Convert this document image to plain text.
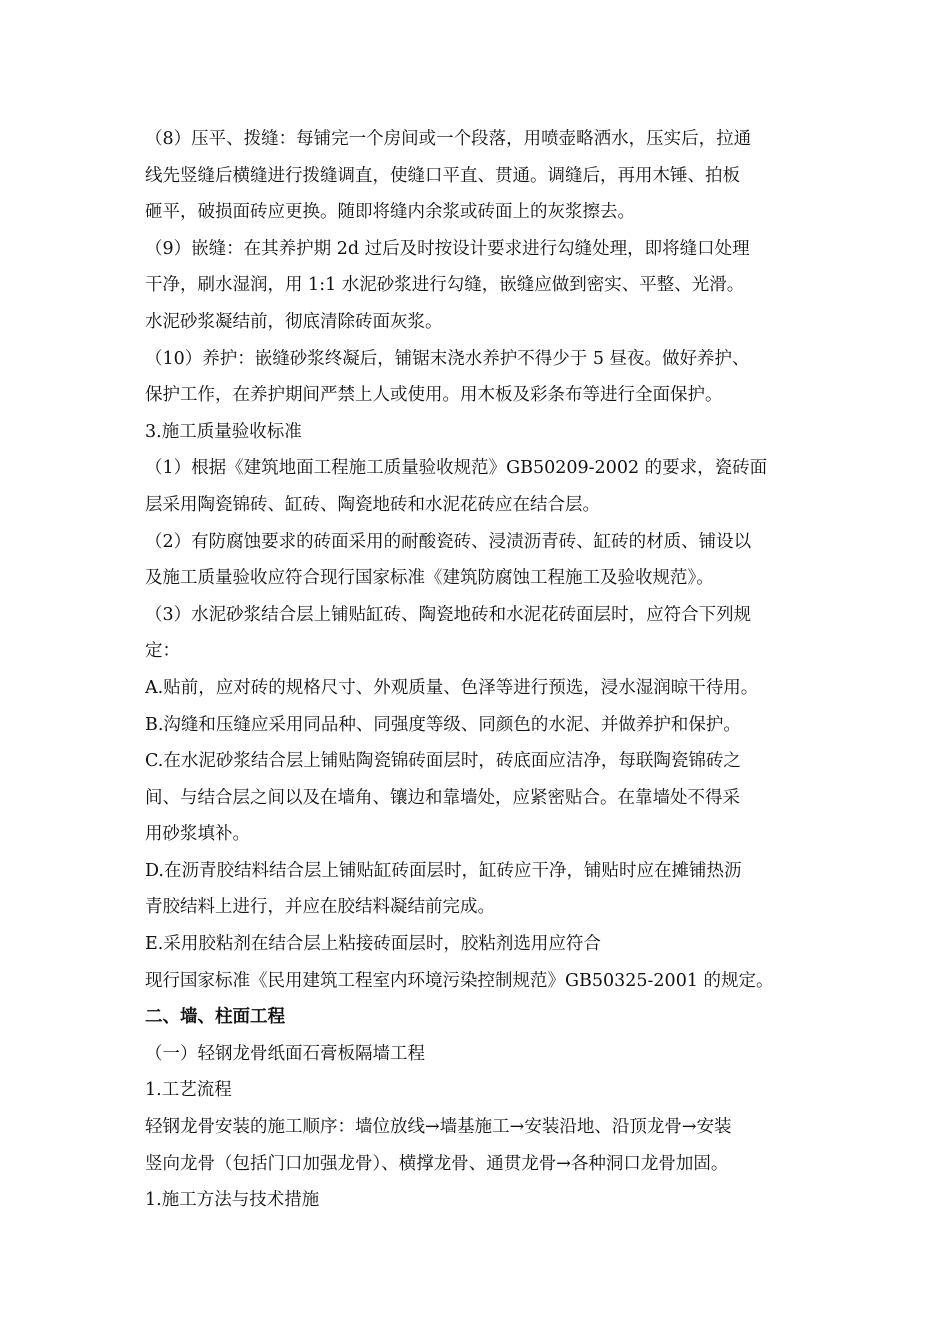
（8）压平、拨缝：每铺完一个房间或一个段落，用喷壶略洒水，压实后，拉通
线先竖缝后横缝进行拨缝调直，使缝口平直、贯通。调缝后，再用木锤、拍板
砸平，破损面砖应更换。随即将缝内余浆或砖面上的灰浆擦去。
（9）嵌缝：在其养护期 2d 过后及时按设计要求进行勾缝处理，即将缝口处理
干净，刷水湿润，用 1:1 水泥砂浆进行勾缝，嵌缝应做到密实、平整、光滑。
水泥砂浆凝结前，彻底清除砖面灰浆。
（10）养护：嵌缝砂浆终凝后，铺锯末浇水养护不得少于 5 昼夜。做好养护、
保护工作，在养护期间严禁上人或使用。用木板及彩条布等进行全面保护。
3.施工质量验收标准
（1）根据《建筑地面工程施工质量验收规范》GB50209-2002 的要求，瓷砖面
层采用陶瓷锦砖、缸砖、陶瓷地砖和水泥花砖应在结合层。
（2）有防腐蚀要求的砖面采用的耐酸瓷砖、浸渍沥青砖、缸砖的材质、铺设以
及施工质量验收应符合现行国家标准《建筑防腐蚀工程施工及验收规范》。
（3）水泥砂浆结合层上铺贴缸砖、陶瓷地砖和水泥花砖面层时，应符合下列规
定：
A.贴前，应对砖的规格尺寸、外观质量、色泽等进行预选，浸水湿润晾干待用。
B.沟缝和压缝应采用同品种、同强度等级、同颜色的水泥、并做养护和保护。
C.在水泥砂浆结合层上铺贴陶瓷锦砖面层时，砖底面应洁净，每联陶瓷锦砖之
间、与结合层之间以及在墙角、镶边和靠墙处，应紧密贴合。在靠墙处不得采
用砂浆填补。
D.在沥青胶结料结合层上铺贴缸砖面层时，缸砖应干净，铺贴时应在摊铺热沥
青胶结料上进行，并应在胶结料凝结前完成。
E.采用胶粘剂在结合层上粘接砖面层时，胶粘剂选用应符合
现行国家标准《民用建筑工程室内环境污染控制规范》GB50325-2001 的规定。
二、墙、柱面工程
（一）轻钢龙骨纸面石膏板隔墙工程
1.工艺流程
轻钢龙骨安装的施工顺序：墙位放线→墙基施工→安装沿地、沿顶龙骨→安装
竖向龙骨（包括门口加强龙骨）、横撑龙骨、通贯龙骨→各种洞口龙骨加固。
1.施工方法与技术措施
